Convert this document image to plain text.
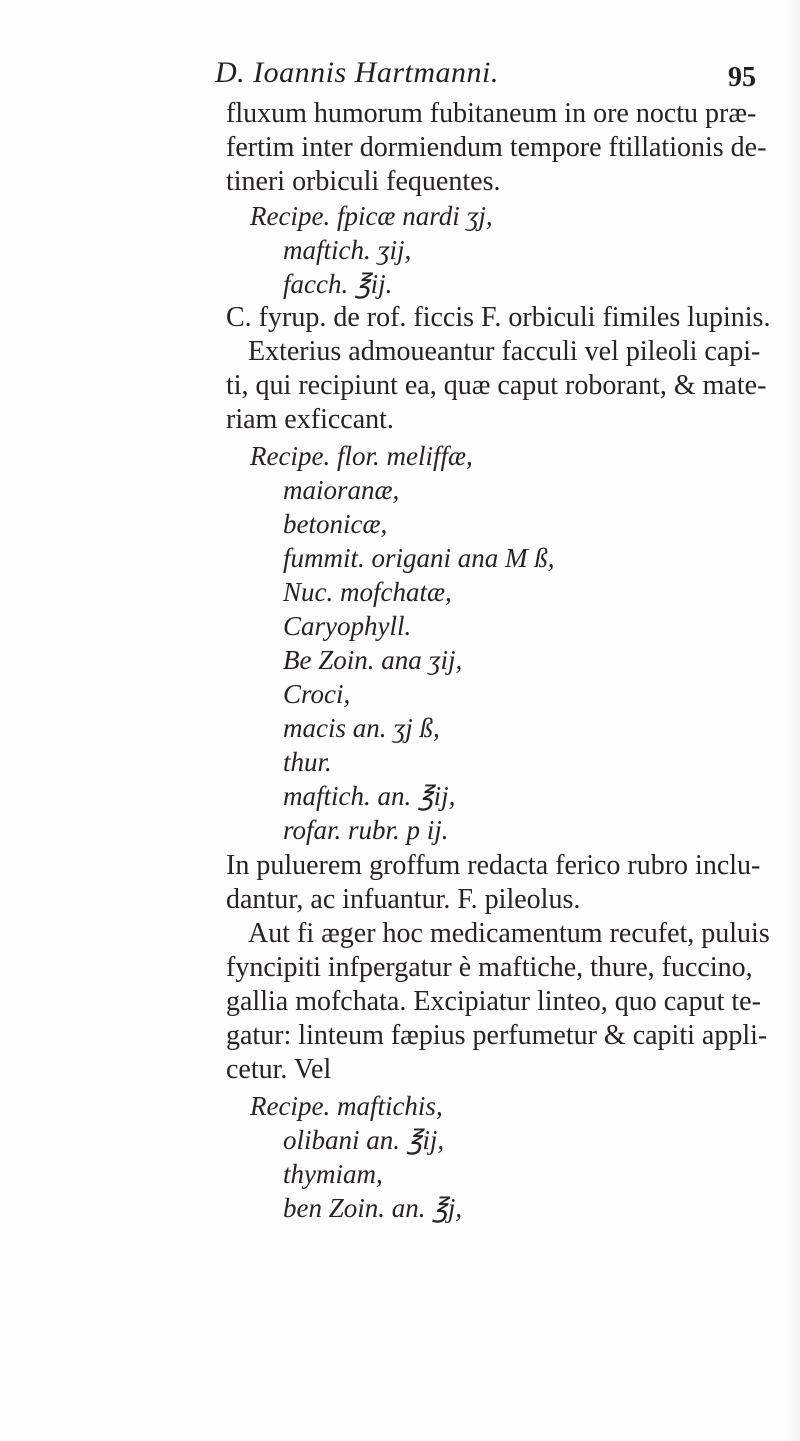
D. Ioannis Hartmanni.	95
fluxum humorum fubitaneum in ore noctu præ-
fertim inter dormiendum tempore ftillationis de-
tineri orbiculi fequentes.
Recipe. fpicæ nardi ʒj,
maftich. ʒij,
facch. ℥ij.
C. fyrup. de rof. ficcis F. orbiculi fimiles lupinis.
Exterius admoueantur facculi vel pileoli capi-
ti, qui recipiunt ea, quæ caput roborant, & mate-
riam exficcant.
Recipe. flor. meliffæ,
maioranæ,
betonicæ,
fummit. origani ana M ß,
Nuc. mofchatæ,
Caryophyll.
Be Zoin. ana ʒij,
Croci,
macis an. ʒj ß,
thur.
maftich. an. ℥ij,
rofar. rubr. p ij.
In puluerem groffum redacta ferico rubro inclu-
dantur, ac infuantur. F. pileolus.
Aut fi æger hoc medicamentum recufet, puluis
fyncipiti infpergatur è maftiche, thure, fuccino,
gallia mofchata. Excipiatur linteo, quo caput te-
gatur: linteum fæpius perfumetur & capiti appli-
cetur. Vel
Recipe. maftichis,
olibani an. ℥ij,
thymiam,
ben Zoin. an. ℥j,
